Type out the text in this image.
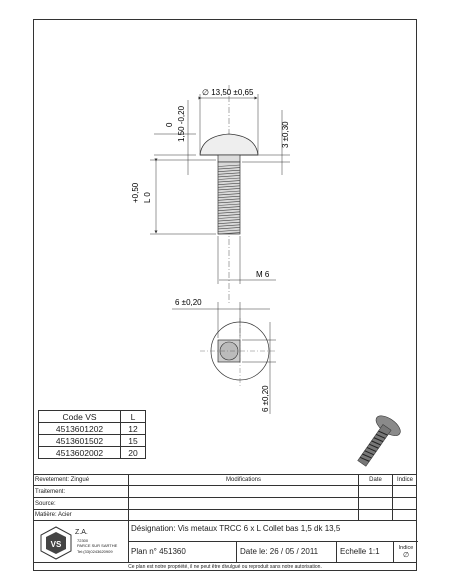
∅ 13,50 ±0,65
0 1,50 -0,20	3 ±0,30
+0,50 L 0
M 6
6 ±0,20
6 ±0,20
Code VS	L
4513601202	12
4513601502	15
4513602002	20
Revetement: Zingué	Modifications	Date	Indice
Traitement:
Source:
Matière: Acier
VS
Z.A.
72300
PARCE SUR SARTHE
Tel:(33)0243620909
Désignation: Vis metaux TRCC 6 x L Collet bas 1,5 dk 13,5
Plan n° 451360	Date le: 26 / 05 / 2011	Echelle 1:1	Indice
∅
Ce plan est notre propriété, il ne peut être divulgué ou reproduit sans notre autorisation.
